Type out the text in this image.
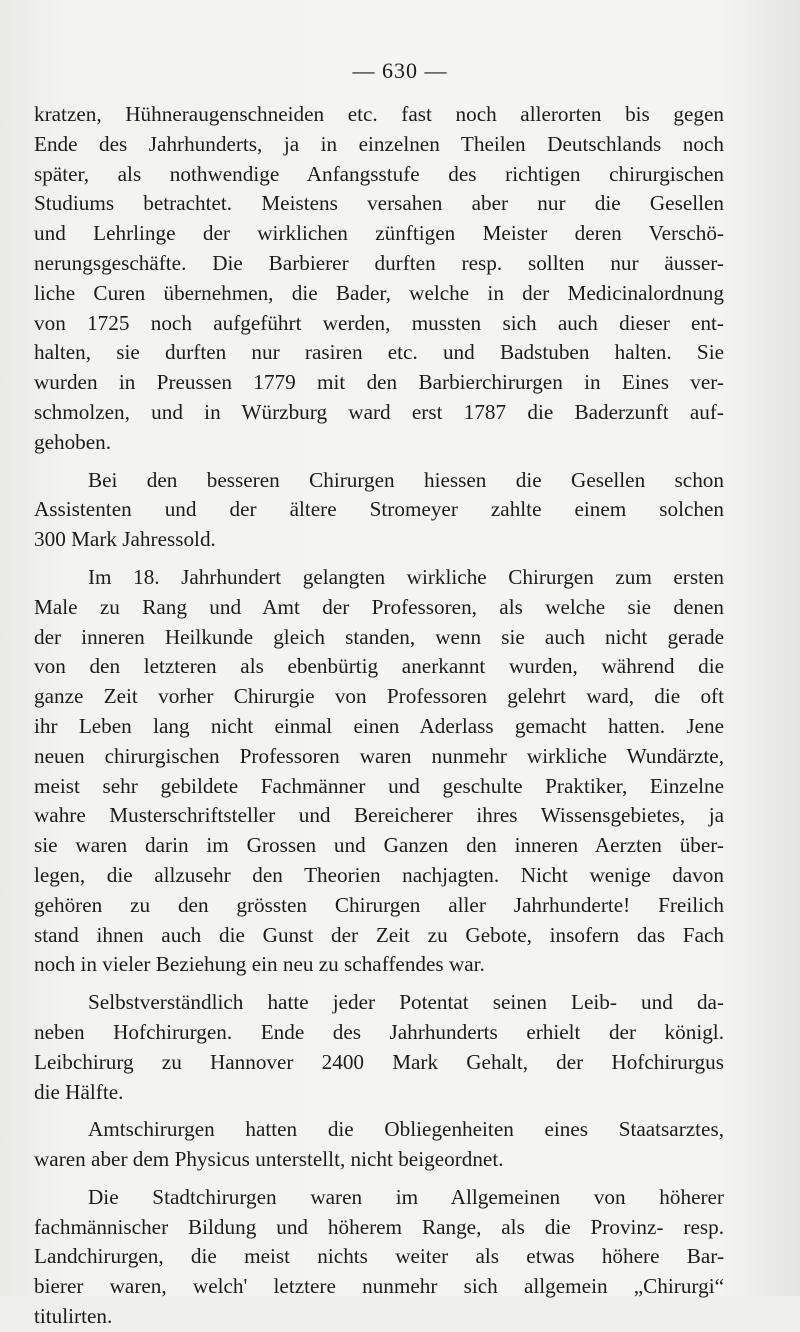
— 630 —

kratzen, Hühneraugenschneiden etc. fast noch allerorten bis gegen
Ende des Jahrhunderts, ja in einzelnen Theilen Deutschlands noch
später, als nothwendige Anfangsstufe des richtigen chirurgischen
Studiums betrachtet. Meistens versahen aber nur die Gesellen
und Lehrlinge der wirklichen zünftigen Meister deren Verschö-
nerungsgeschäfte. Die Barbierer durften resp. sollten nur äusser-
liche Curen übernehmen, die Bader, welche in der Medicinalordnung
von 1725 noch aufgeführt werden, mussten sich auch dieser ent-
halten, sie durften nur rasiren etc. und Badstuben halten. Sie
wurden in Preussen 1779 mit den Barbierchirurgen in Eines ver-
schmolzen, und in Würzburg ward erst 1787 die Baderzunft auf-
gehoben.

Bei den besseren Chirurgen hiessen die Gesellen schon
Assistenten und der ältere Stromeyer zahlte einem solchen
300 Mark Jahressold.

Im 18. Jahrhundert gelangten wirkliche Chirurgen zum ersten
Male zu Rang und Amt der Professoren, als welche sie denen
der inneren Heilkunde gleich standen, wenn sie auch nicht gerade
von den letzteren als ebenbürtig anerkannt wurden, während die
ganze Zeit vorher Chirurgie von Professoren gelehrt ward, die oft
ihr Leben lang nicht einmal einen Aderlass gemacht hatten. Jene
neuen chirurgischen Professoren waren nunmehr wirkliche Wundärzte,
meist sehr gebildete Fachmänner und geschulte Praktiker, Einzelne
wahre Musterschriftsteller und Bereicherer ihres Wissensgebietes, ja
sie waren darin im Grossen und Ganzen den inneren Aerzten über-
legen, die allzusehr den Theorien nachjagten. Nicht wenige davon
gehören zu den grössten Chirurgen aller Jahrhunderte! Freilich
stand ihnen auch die Gunst der Zeit zu Gebote, insofern das Fach
noch in vieler Beziehung ein neu zu schaffendes war.

Selbstverständlich hatte jeder Potentat seinen Leib- und da-
neben Hofchirurgen. Ende des Jahrhunderts erhielt der königl.
Leibchirurg zu Hannover 2400 Mark Gehalt, der Hofchirurgus
die Hälfte.

Amtschirurgen hatten die Obliegenheiten eines Staatsarztes,
waren aber dem Physicus unterstellt, nicht beigeordnet.

Die Stadtchirurgen waren im Allgemeinen von höherer
fachmännischer Bildung und höherem Range, als die Provinz- resp.
Landchirurgen, die meist nichts weiter als etwas höhere Bar-
bierer waren, welch' letztere nunmehr sich allgemein „Chirurgi“
titulirten.
